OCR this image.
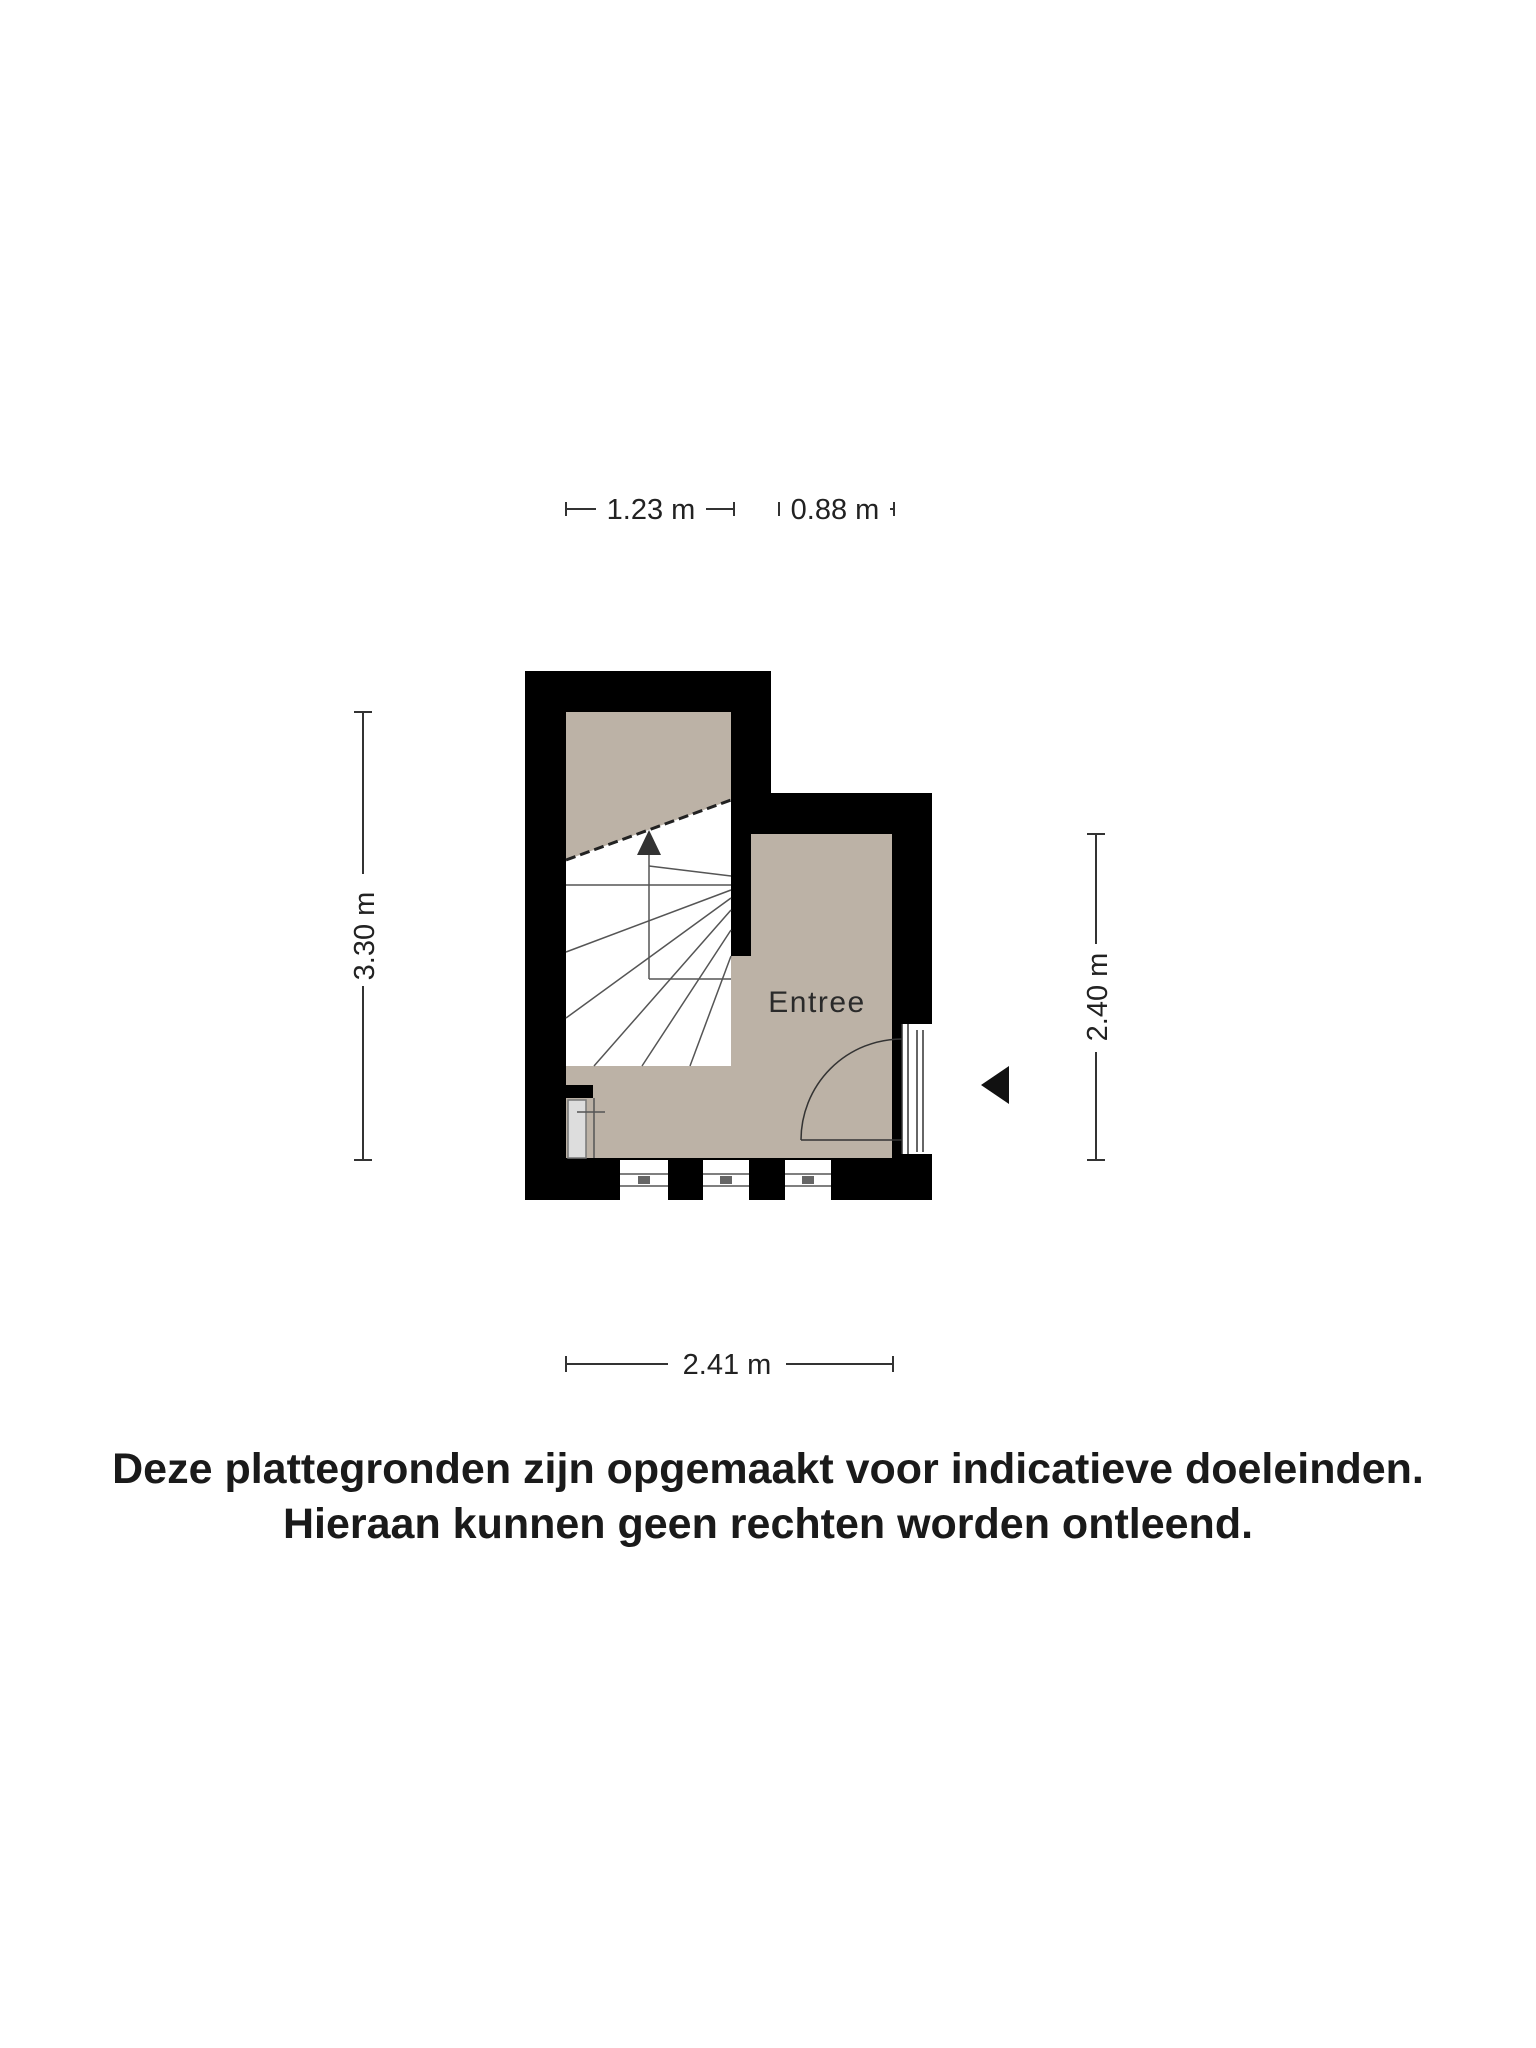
1.23 m	0.88 m
3.30 m
2.40 m
2.41 m
Entree
Deze plattegronden zijn opgemaakt voor indicatieve doeleinden.
Hieraan kunnen geen rechten worden ontleend.
